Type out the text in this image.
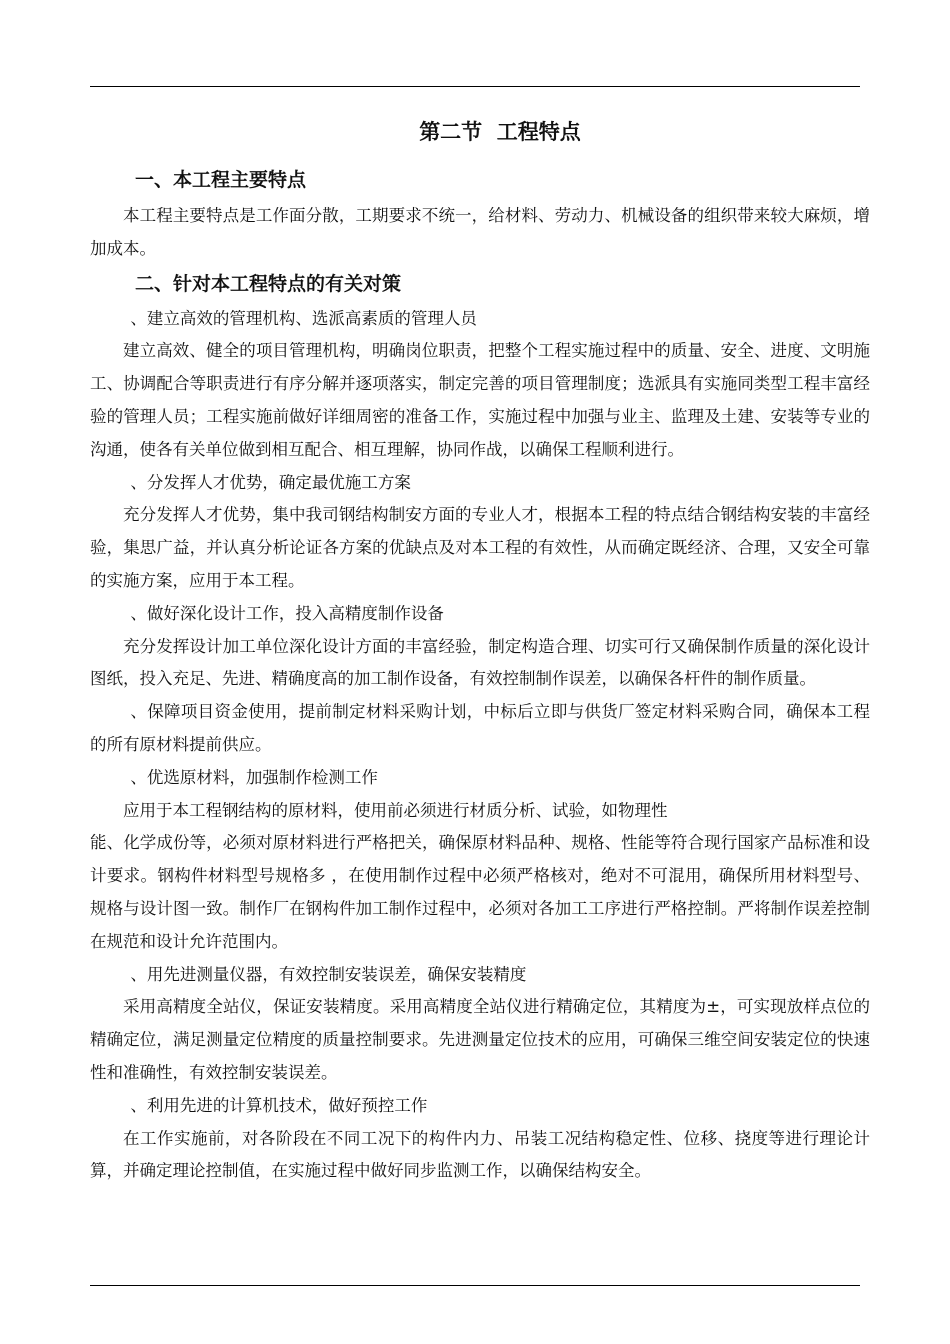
第二节  工程特点
一、本工程主要特点
二、针对本工程特点的有关对策

本工程主要特点是工作面分散，工期要求不统一，给材料、劳动力、机械设备的组织带来较大麻烦，增加成本。

、建立高效的管理机构、选派高素质的管理人员

建立高效、健全的项目管理机构，明确岗位职责，把整个工程实施过程中的质量、安全、进度、文明施工、协调配合等职责进行有序分解并逐项落实，制定完善的项目管理制度；选派具有实施同类型工程丰富经验的管理人员；工程实施前做好详细周密的准备工作，实施过程中加强与业主、监理及土建、安装等专业的沟通，使各有关单位做到相互配合、相互理解，协同作战，以确保工程顺利进行。

、分发挥人才优势，确定最优施工方案

充分发挥人才优势，集中我司钢结构制安方面的专业人才，根据本工程的特点结合钢结构安装的丰富经验，集思广益，并认真分析论证各方案的优缺点及对本工程的有效性，从而确定既经济、合理，又安全可靠的实施方案，应用于本工程。

、做好深化设计工作，投入高精度制作设备

充分发挥设计加工单位深化设计方面的丰富经验，制定构造合理、切实可行又确保制作质量的深化设计图纸，投入充足、先进、精确度高的加工制作设备，有效控制制作误差，以确保各杆件的制作质量。

、保障项目资金使用，提前制定材料采购计划，中标后立即与供货厂签定材料采购合同，确保本工程的所有原材料提前供应。

、优选原材料，加强制作检测工作

应用于本工程钢结构的原材料，使用前必须进行材质分析、试验，如物理性

能、化学成份等，必须对原材料进行严格把关，确保原材料品种、规格、性能等符合现行国家产品标准和设计要求。钢构件材料型号规格多 ，在使用制作过程中必须严格核对，绝对不可混用，确保所用材料型号、规格与设计图一致。制作厂在钢构件加工制作过程中，必须对各加工工序进行严格控制。严将制作误差控制在规范和设计允许范围内。

、用先进测量仪器，有效控制安装误差，确保安装精度

采用高精度全站仪，保证安装精度。采用高精度全站仪进行精确定位，其精度为±，可实现放样点位的精确定位，满足测量定位精度的质量控制要求。先进测量定位技术的应用，可确保三维空间安装定位的快速性和准确性，有效控制安装误差。

、利用先进的计算机技术，做好预控工作

在工作实施前，对各阶段在不同工况下的构件内力、吊装工况结构稳定性、位移、挠度等进行理论计算，并确定理论控制值，在实施过程中做好同步监测工作，以确保结构安全。
